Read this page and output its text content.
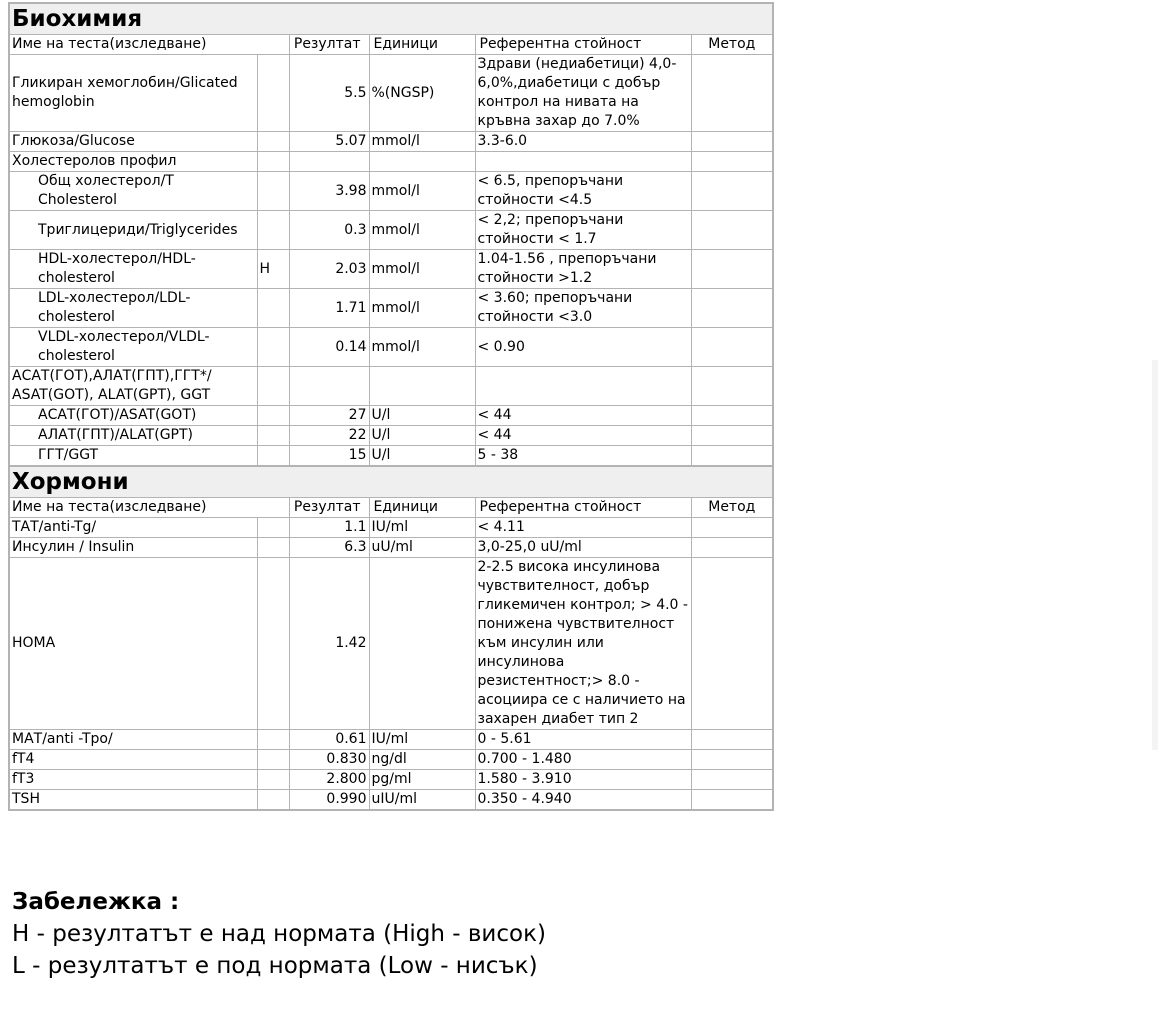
Биохимия					
Име на теста(изследване)		Резултат	Единици	Референтна стойност	Метод
Гликиран хемоглобин/Glicated hemoglobin		5.5	%(NGSP)	Здрави (недиабетици) 4,0-6,0%,диабетици с добър контрол на нивата на кръвна захар до 7.0%	
Глюкоза/Glucose		5.07	mmol/l	3.3-6.0	
Холестеролов профил					
Общ холестерол/T Cholesterol		3.98	mmol/l	< 6.5, препоръчани стойности <4.5	
Триглицериди/Triglycerides		0.3	mmol/l	< 2,2; препоръчани стойности < 1.7	
HDL-холестерол/HDL-cholesterol	H	2.03	mmol/l	1.04-1.56 , препоръчани стойности >1.2	
LDL-холестерол/LDL-cholesterol		1.71	mmol/l	< 3.60; препоръчани стойности <3.0	
VLDL-холестерол/VLDL-cholesterol		0.14	mmol/l	< 0.90	
АСАТ(ГОТ),АЛАТ(ГПТ),ГГТ*/ ASAT(GOT), ALAT(GPT), GGT					
АСАТ(ГОТ)/ASAT(GOT)		27	U/l	< 44	
АЛАТ(ГПТ)/ALAT(GPT)		22	U/l	< 44	
ГГТ/GGT		15	U/l	5 - 38	
Хормони					
Име на теста(изследване)		Резултат	Единици	Референтна стойност	Метод
ТАТ/anti-Tg/		1.1	IU/ml	< 4.11	
Инсулин / Insulin		6.3	uU/ml	3,0-25,0 uU/ml	
HOMA		1.42		2-2.5 висока инсулинова чувствителност, добър гликемичен контрол; > 4.0 - понижена чувствителност към инсулин или инсулинова резистентност;> 8.0 - асоциира се с наличието на захарен диабет тип 2	
МАТ/anti -Tpo/		0.61	IU/ml	0 - 5.61	
fT4		0.830	ng/dl	0.700 - 1.480	
fT3		2.800	pg/ml	1.580 - 3.910	
TSH		0.990	uIU/ml	0.350 - 4.940	
Забележка :
H - резултатът е над нормата (High - висок)
L - резултатът е под нормата (Low - нисък)
